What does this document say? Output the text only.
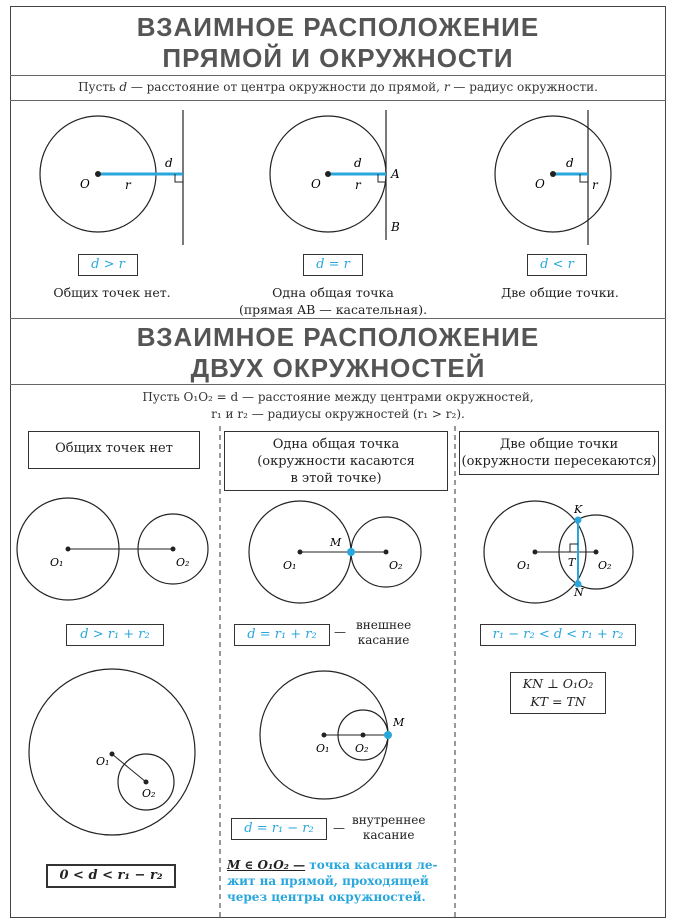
ВЗАИМНОЕ РАСПОЛОЖЕНИЕ
ПРЯМОЙ И ОКРУЖНОСТИ
Пусть d — расстояние от центра окружности до прямой, r — радиус окружности.
O	r
d
O	r
d
A
B
O	r
d
d > r	d = r	d < r
Общих точек нет.	Одна общая точка
(прямая AB — касательная).
Две общие точки.
ВЗАИМНОЕ РАСПОЛОЖЕНИЕ
ДВУХ ОКРУЖНОСТЕЙ
Пусть O₁O₂ = d — расстояние между центрами окружностей,
r₁ и r₂ — радиусы окружностей (r₁ > r₂).
O₁	O₂
O₁
O₂
M
O₁	O₂
M
O₁ O₂
K
N
T
O₁	O₂
Общих точек нет	Одна общая точка
(окружности касаются
в этой точке)
Две общие точки
(окружности пересекаются)
d > r₁ + r₂
0 < d < r₁ − r₂
d = r₁ + r₂	— внешнее
касание
d = r₁ − r₂	—
внутреннее
касание
M ∈ O₁O₂ — точка касания ле-
жит на прямой, проходящей
через центры окружностей.
r₁ − r₂ < d < r₁ + r₂
KN ⊥ O₁O₂
KT = TN
